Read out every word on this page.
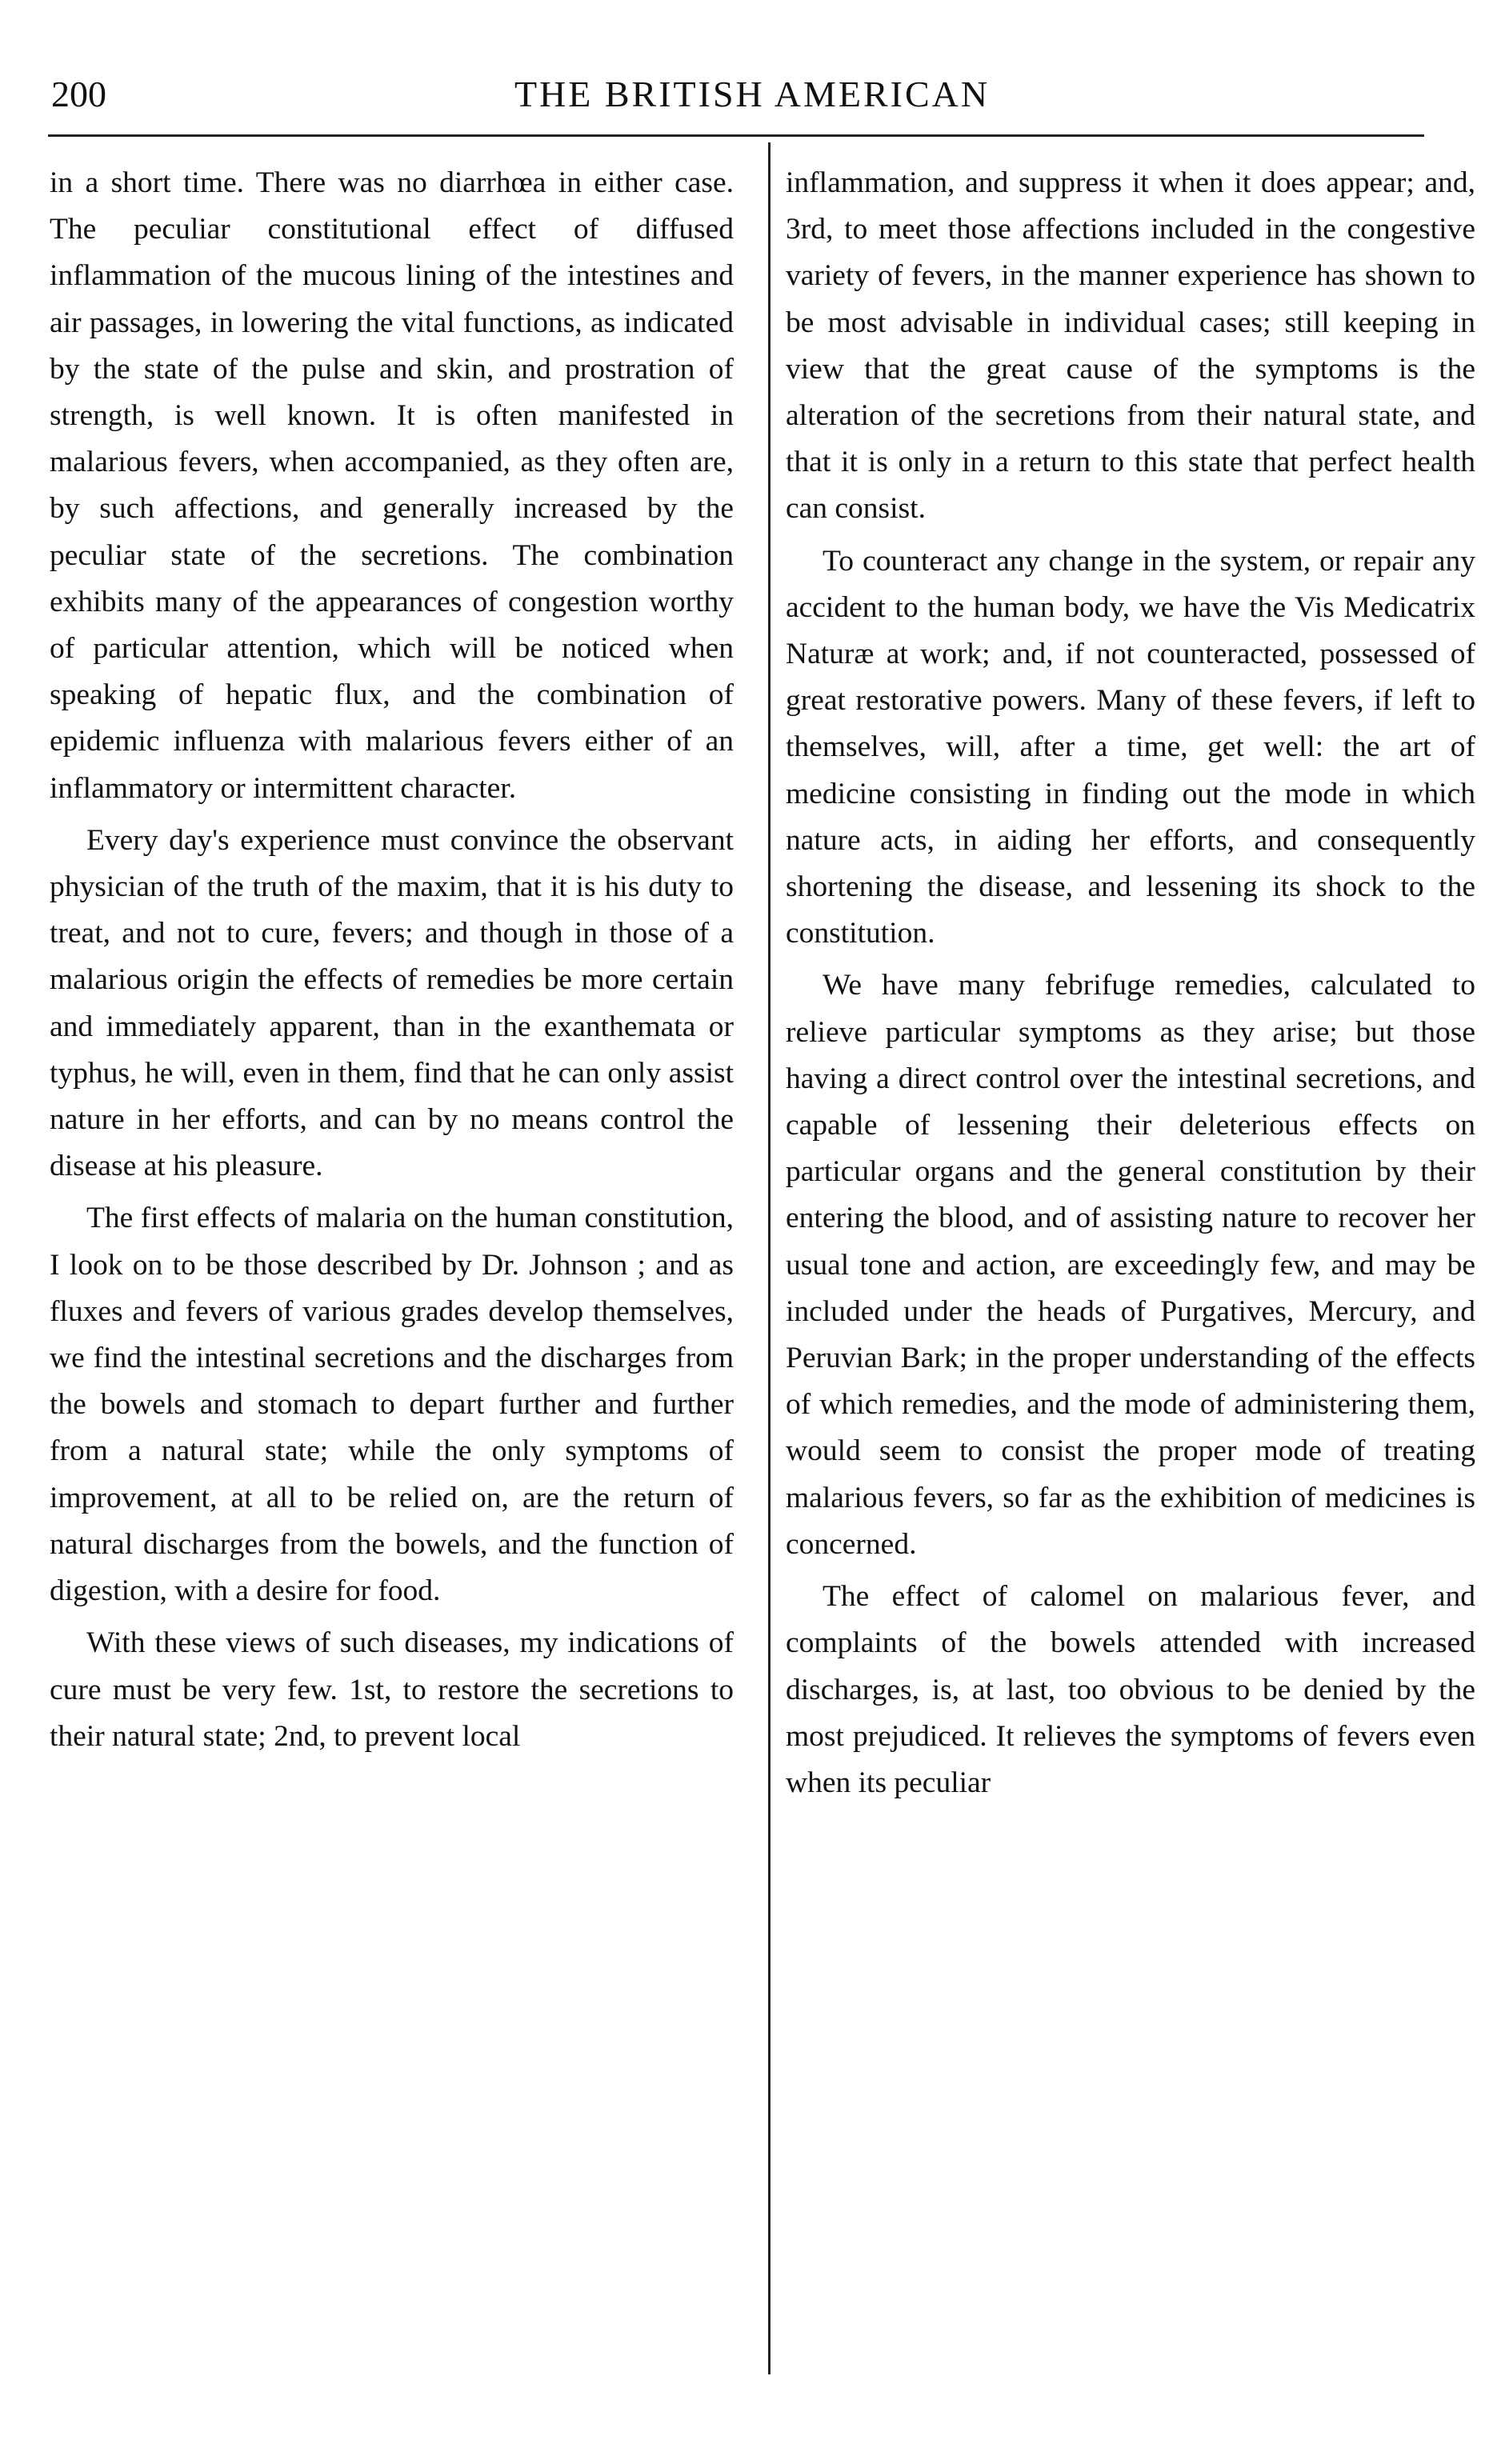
200	THE BRITISH AMERICAN

in a short time. There was no diarrhœa in either case. The peculiar constitutional effect of diffused inflammation of the mucous lining of the intestines and air passages, in lowering the vital functions, as indicated by the state of the pulse and skin, and prostration of strength, is well known. It is often manifested in malarious fevers, when accompanied, as they often are, by such affections, and generally increased by the peculiar state of the secretions. The combination exhibits many of the appearances of congestion worthy of particular attention, which will be noticed when speaking of hepatic flux, and the combination of epidemic influenza with malarious fevers either of an inflammatory or intermittent character.

Every day's experience must convince the observant physician of the truth of the maxim, that it is his duty to treat, and not to cure, fevers; and though in those of a malarious origin the effects of remedies be more certain and immediately apparent, than in the exanthemata or typhus, he will, even in them, find that he can only assist nature in her efforts, and can by no means control the disease at his pleasure.

The first effects of malaria on the human constitution, I look on to be those described by Dr. Johnson ; and as fluxes and fevers of various grades develop themselves, we find the intestinal secretions and the discharges from the bowels and stomach to depart further and further from a natural state; while the only symptoms of improvement, at all to be relied on, are the return of natural discharges from the bowels, and the function of digestion, with a desire for food.

With these views of such diseases, my indications of cure must be very few. 1st, to restore the secretions to their natural state; 2nd, to prevent local

inflammation, and suppress it when it does appear; and, 3rd, to meet those affections included in the congestive variety of fevers, in the manner experience has shown to be most advisable in individual cases; still keeping in view that the great cause of the symptoms is the alteration of the secretions from their natural state, and that it is only in a return to this state that perfect health can consist.

To counteract any change in the system, or repair any accident to the human body, we have the Vis Medicatrix Naturæ at work; and, if not counteracted, possessed of great restorative powers. Many of these fevers, if left to themselves, will, after a time, get well: the art of medicine consisting in finding out the mode in which nature acts, in aiding her efforts, and consequently shortening the disease, and lessening its shock to the constitution.

We have many febrifuge remedies, calculated to relieve particular symptoms as they arise; but those having a direct control over the intestinal secretions, and capable of lessening their deleterious effects on particular organs and the general constitution by their entering the blood, and of assisting nature to recover her usual tone and action, are exceedingly few, and may be included under the heads of Purgatives, Mercury, and Peruvian Bark; in the proper understanding of the effects of which remedies, and the mode of administering them, would seem to consist the proper mode of treating malarious fevers, so far as the exhibition of medicines is concerned.

The effect of calomel on malarious fever, and complaints of the bowels attended with increased discharges, is, at last, too obvious to be denied by the most prejudiced. It relieves the symptoms of fevers even when its peculiar
